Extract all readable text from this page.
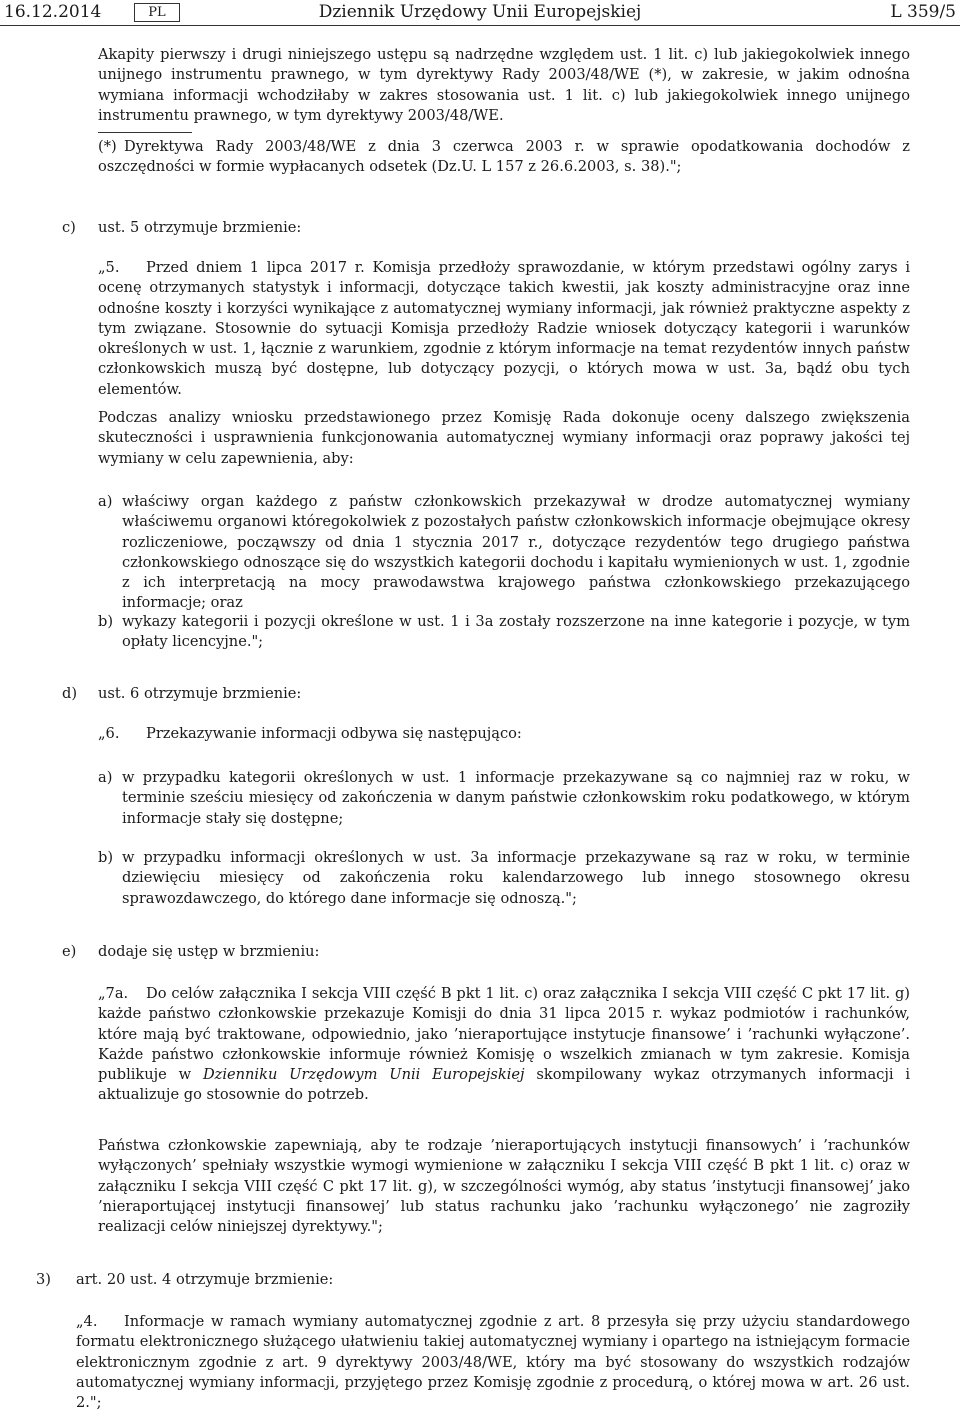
16.12.2014	PL	Dziennik Urzędowy Unii Europejskiej	L 359/5

Akapity pierwszy i drugi niniejszego ustępu są nadrzędne względem ust. 1 lit. c) lub jakiegokolwiek innego unijnego instrumentu prawnego, w tym dyrektywy Rady 2003/48/WE (*), w zakresie, w jakim odnośna wymiana informacji wchodziłaby w zakres stosowania ust. 1 lit. c) lub jakiegokolwiek innego unijnego instrumentu prawnego, w tym dyrektywy 2003/48/WE.

(*) Dyrektywa Rady 2003/48/WE z dnia 3 czerwca 2003 r. w sprawie opodatkowania dochodów z oszczędności w formie wypłacanych odsetek (Dz.U. L 157 z 26.6.2003, s. 38).";

c) ust. 5 otrzymuje brzmienie:

„5. Przed dniem 1 lipca 2017 r. Komisja przedłoży sprawozdanie, w którym przedstawi ogólny zarys i ocenę otrzymanych statystyk i informacji, dotyczące takich kwestii, jak koszty administracyjne oraz inne odnośne koszty i korzyści wynikające z automatycznej wymiany informacji, jak również praktyczne aspekty z tym związane. Stosownie do sytuacji Komisja przedłoży Radzie wniosek dotyczący kategorii i warunków określonych w ust. 1, łącznie z warunkiem, zgodnie z którym informacje na temat rezydentów innych państw członkowskich muszą być dostępne, lub dotyczący pozycji, o których mowa w ust. 3a, bądź obu tych elementów.

Podczas analizy wniosku przedstawionego przez Komisję Rada dokonuje oceny dalszego zwiększenia skuteczności i usprawnienia funkcjonowania automatycznej wymiany informacji oraz poprawy jakości tej wymiany w celu zapewnienia, aby:

a) właściwy organ każdego z państw członkowskich przekazywał w drodze automatycznej wymiany właściwemu organowi któregokolwiek z pozostałych państw członkowskich informacje obejmujące okresy rozliczeniowe, począwszy od dnia 1 stycznia 2017 r., dotyczące rezydentów tego drugiego państwa członkowskiego odnoszące się do wszystkich kategorii dochodu i kapitału wymienionych w ust. 1, zgodnie z ich interpretacją na mocy prawodawstwa krajowego państwa członkowskiego przekazującego informacje; oraz

b) wykazy kategorii i pozycji określone w ust. 1 i 3a zostały rozszerzone na inne kategorie i pozycje, w tym opłaty licencyjne.";

d) ust. 6 otrzymuje brzmienie:

„6. Przekazywanie informacji odbywa się następująco:

a) w przypadku kategorii określonych w ust. 1 informacje przekazywane są co najmniej raz w roku, w terminie sześciu miesięcy od zakończenia w danym państwie członkowskim roku podatkowego, w którym informacje stały się dostępne;

b) w przypadku informacji określonych w ust. 3a informacje przekazywane są raz w roku, w terminie dziewięciu miesięcy od zakończenia roku kalendarzowego lub innego stosownego okresu sprawozdawczego, do którego dane informacje się odnoszą.";

e) dodaje się ustęp w brzmieniu:

„7a. Do celów załącznika I sekcja VIII część B pkt 1 lit. c) oraz załącznika I sekcja VIII część C pkt 17 lit. g) każde państwo członkowskie przekazuje Komisji do dnia 31 lipca 2015 r. wykaz podmiotów i rachunków, które mają być traktowane, odpowiednio, jako ’nieraportujące instytucje finansowe’ i ’rachunki wyłączone’. Każde państwo członkowskie informuje również Komisję o wszelkich zmianach w tym zakresie. Komisja publikuje w Dzienniku Urzędowym Unii Europejskiej skompilowany wykaz otrzymanych informacji i aktualizuje go stosownie do potrzeb.

Państwa członkowskie zapewniają, aby te rodzaje ’nieraportujących instytucji finansowych’ i ’rachunków wyłączonych’ spełniały wszystkie wymogi wymienione w załączniku I sekcja VIII część B pkt 1 lit. c) oraz w załączniku I sekcja VIII część C pkt 17 lit. g), w szczególności wymóg, aby status ’instytucji finansowej’ jako ’nieraportującej instytucji finansowej’ lub status rachunku jako ’rachunku wyłączonego’ nie zagroziły realizacji celów niniejszej dyrektywy.";

3) art. 20 ust. 4 otrzymuje brzmienie:

„4. Informacje w ramach wymiany automatycznej zgodnie z art. 8 przesyła się przy użyciu standardowego formatu elektronicznego służącego ułatwieniu takiej automatycznej wymiany i opartego na istniejącym formacie elektronicznym zgodnie z art. 9 dyrektywy 2003/48/WE, który ma być stosowany do wszystkich rodzajów automatycznej wymiany informacji, przyjętego przez Komisję zgodnie z procedurą, o której mowa w art. 26 ust. 2.";
